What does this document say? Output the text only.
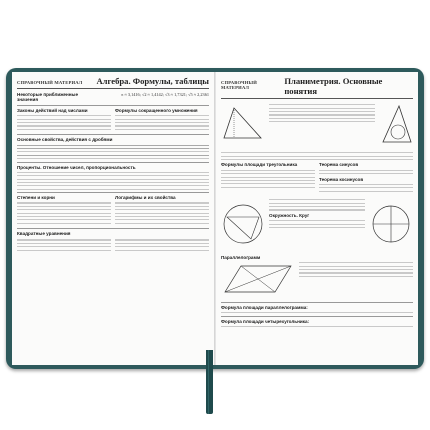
СПРАВОЧНЫЙ МАТЕРИАЛ Алгебра. Формулы, таблицы
Некоторые приближенные значения
π ≈ 3,1416; √2 ≈ 1,4142; √3 ≈ 1,7321; √5 ≈ 2,2361
Законы действий над числами	Формулы сокращенного умножения
Основные свойства, действия с дробями
Проценты. Отношение чисел, пропорциональность
Степени и корни	Логарифмы и их свойства
Квадратные уравнения
СПРАВОЧНЫЙ МАТЕРИАЛ
Планиметрия. Основные понятия
Формулы площади треугольника	Теорема синусов
Теорема косинусов
Окружность. Круг
Параллелограмм
Формула площади параллелограмма:
Формула площади четырехугольника:
